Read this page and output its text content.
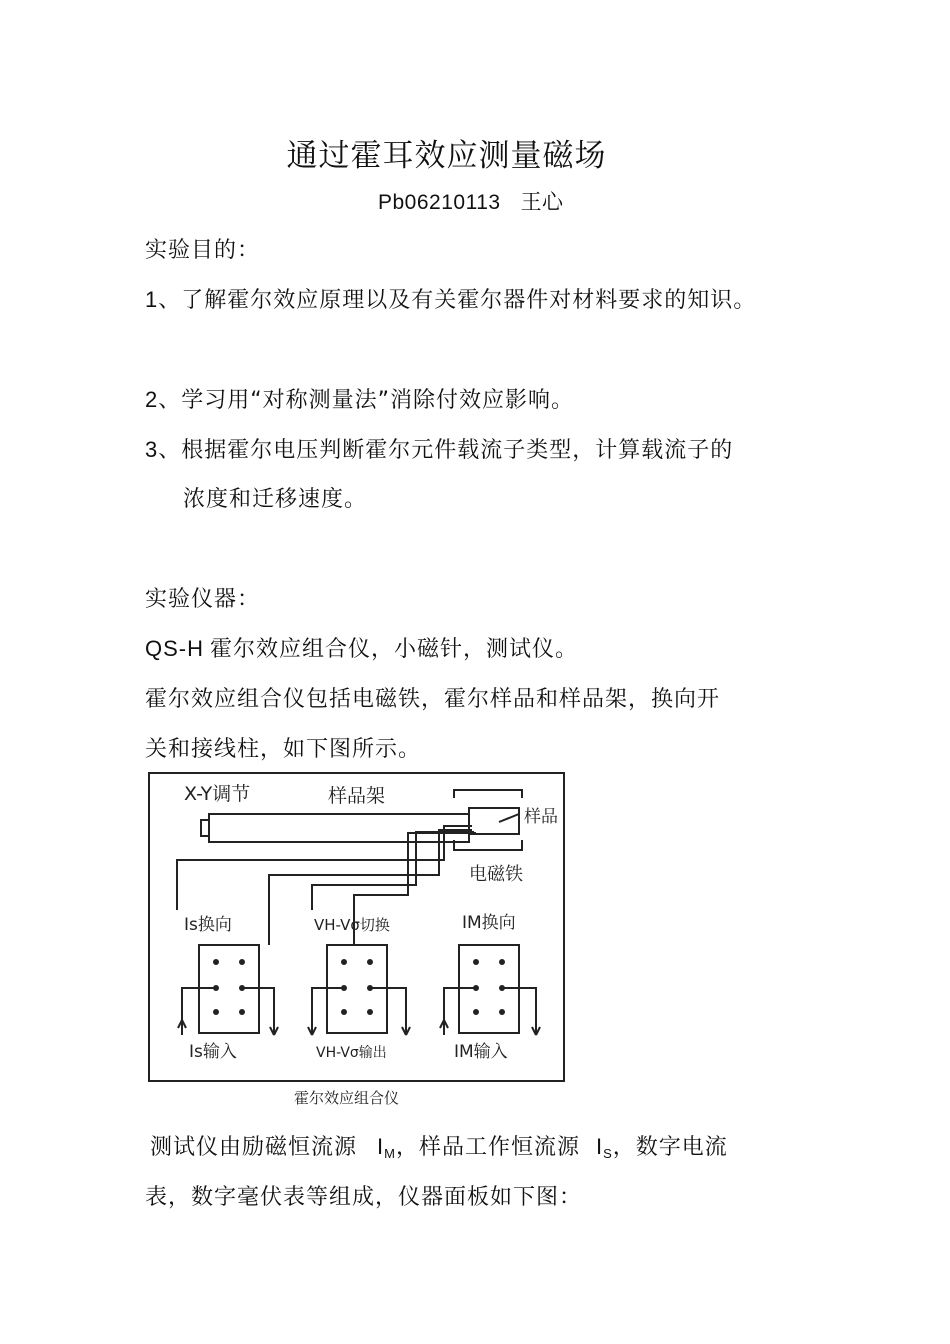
通过霍耳效应测量磁场
Pb06210113 王心
实验目的：
1、了解霍尔效应原理以及有关霍尔器件对材料要求的知识。
2、学习用“对称测量法”消除付效应影响。
3、根据霍尔电压判断霍尔元件载流子类型，计算载流子的
浓度和迁移速度。
实验仪器：
QS-H 霍尔效应组合仪，小磁针，测试仪。
霍尔效应组合仪包括电磁铁，霍尔样品和样品架，换向开
关和接线柱，如下图所示。
X-Y调节	样品架
样品
电磁铁
Is换向	VH-Vσ切换	IM换向
Is输入	VH-Vσ输出	IM输入
霍尔效应组合仪
测试仪由励磁恒流源 $I_M$，样品工作恒流源 $I_S$，数字电流
表，数字毫伏表等组成，仪器面板如下图：
